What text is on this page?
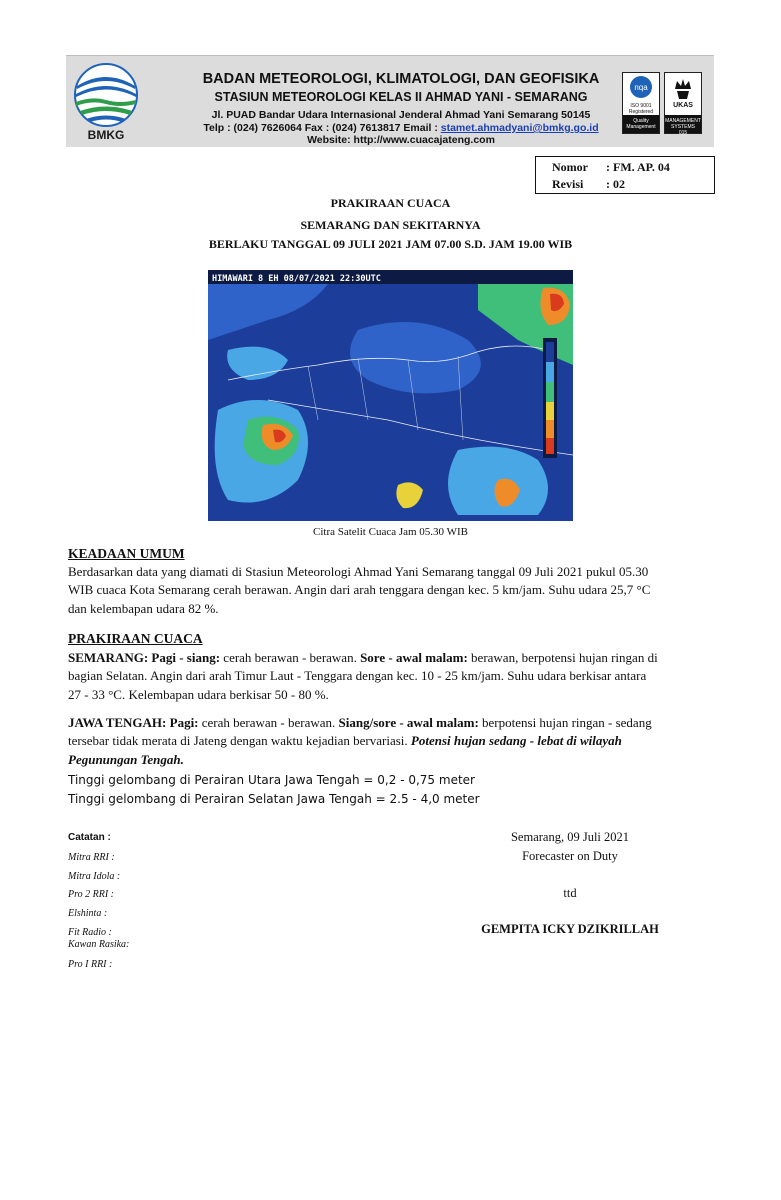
BMKG
BADAN METEOROLOGI, KLIMATOLOGI, DAN GEOFISIKA
STASIUN METEOROLOGI KELAS II AHMAD YANI - SEMARANG
Jl. PUAD Bandar Udara Internasional Jenderal Ahmad Yani Semarang 50145
Telp : (024) 7626064 Fax : (024) 7613817 Email : stamet.ahmadyani@bmkg.go.id
Website: http://www.cuacajateng.com
nqa
ISO 9001 Registered
Quality Management
UKAS
MANAGEMENT SYSTEMS
015
Nomor : FM. AP. 04
Revisi : 02
PRAKIRAAN CUACA
SEMARANG DAN SEKITARNYA
BERLAKU TANGGAL 09 JULI 2021 JAM 07.00 S.D. JAM 19.00 WIB
HIMAWARI 8 EH 08/07/2021 22:30UTC
Citra Satelit Cuaca Jam 05.30 WIB
KEADAAN UMUM
Berdasarkan data yang diamati di Stasiun Meteorologi Ahmad Yani Semarang tanggal 09 Juli 2021 pukul 05.30
WIB cuaca Kota Semarang cerah berawan. Angin dari arah tenggara dengan kec. 5 km/jam. Suhu udara 25,7 °C
dan kelembapan udara 82 %.
PRAKIRAAN CUACA
SEMARANG: Pagi - siang: cerah berawan - berawan. Sore - awal malam: berawan, berpotensi hujan ringan di
bagian Selatan. Angin dari arah Timur Laut - Tenggara dengan kec. 10 - 25 km/jam. Suhu udara berkisar antara
27 - 33 °C. Kelembapan udara berkisar 50 - 80 %.
JAWA TENGAH: Pagi: cerah berawan - berawan. Siang/sore - awal malam: berpotensi hujan ringan - sedang
tersebar tidak merata di Jateng dengan waktu kejadian bervariasi. Potensi hujan sedang - lebat di wilayah
Pegunungan Tengah.
Tinggi gelombang di Perairan Utara Jawa Tengah = 0,2 - 0,75 meter
Tinggi gelombang di Perairan Selatan Jawa Tengah = 2.5 - 4,0 meter
Catatan :
Mitra RRI :
Mitra Idola :
Pro 2 RRI :
Elshinta :
Fit Radio :
Kawan Rasika:
Pro I RRI :
Semarang, 09 Juli 2021
Forecaster on Duty
ttd
GEMPITA ICKY DZIKRILLAH
